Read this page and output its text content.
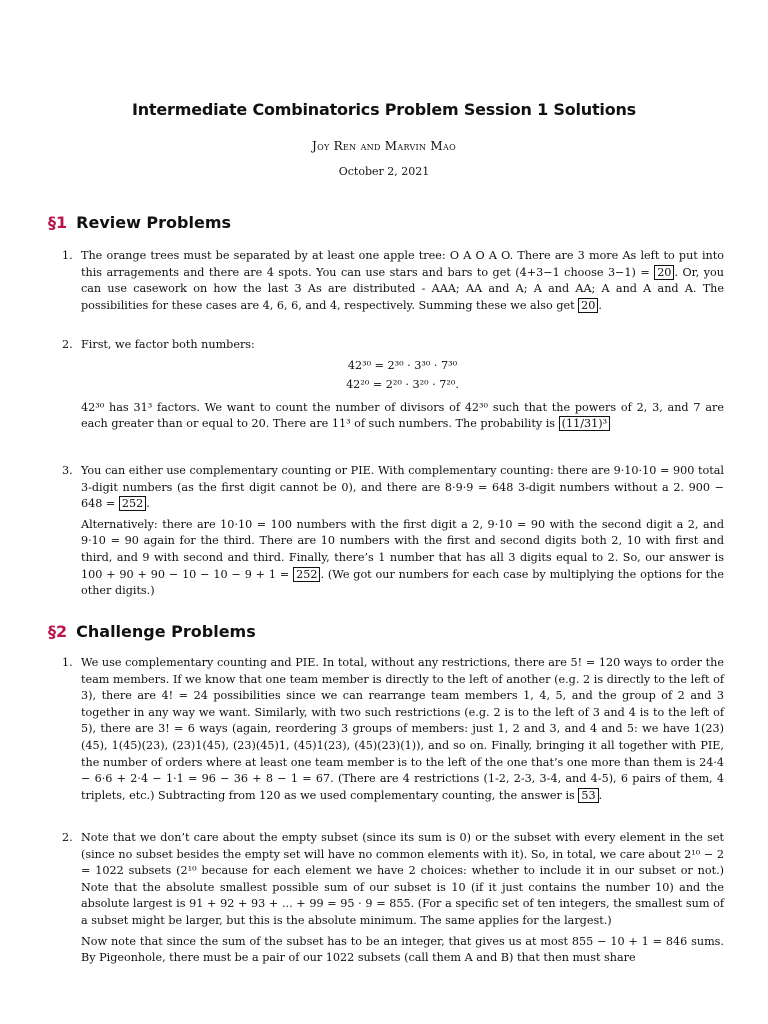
Intermediate Combinatorics Problem Session 1 Solutions
Joy Ren and Marvin Mao
October 2, 2021
§1 Review Problems
1. The orange trees must be separated by at least one apple tree: O A O A O. There are 3 more As left to put into this arragements and there are 4 spots. You can use stars and bars to get (4+3−1 choose 3−1) = 20 . Or, you can use casework on how the last 3 As are distributed - AAA; AA and A; A and AA; A and A and A. The possibilities for these cases are 4, 6, 6, and 4, respectively. Summing these we also get 20 .

2. First, we factor both numbers:

42³⁰ = 2³⁰ · 3³⁰ · 7³⁰

42²⁰ = 2²⁰ · 3²⁰ · 7²⁰.

42³⁰ has 31³ factors. We want to count the number of divisors of 42³⁰ such that the powers of 2, 3, and 7 are each greater than or equal to 20. There are 11³ of such numbers. The probability is (11/31)³

3. You can either use complementary counting or PIE. With complementary counting: there are 9·10·10 = 900 total 3-digit numbers (as the first digit cannot be 0), and there are 8·9·9 = 648 3-digit numbers without a 2. 900 − 648 = 252 .

Alternatively: there are 10·10 = 100 numbers with the first digit a 2, 9·10 = 90 with the second digit a 2, and 9·10 = 90 again for the third. There are 10 numbers with the first and second digits both 2, 10 with first and third, and 9 with second and third. Finally, there’s 1 number that has all 3 digits equal to 2. So, our answer is 100 + 90 + 90 − 10 − 10 − 9 + 1 = 252 . (We got our numbers for each case by multiplying the options for the other digits.)

§2 Challenge Problems
1. We use complementary counting and PIE. In total, without any restrictions, there are 5! = 120 ways to order the team members. If we know that one team member is directly to the left of another (e.g. 2 is directly to the left of 3), there are 4! = 24 possibilities since we can rearrange team members 1, 4, 5, and the group of 2 and 3 together in any way we want. Similarly, with two such restrictions (e.g. 2 is to the left of 3 and 4 is to the left of 5), there are 3! = 6 ways (again, reordering 3 groups of members: just 1, 2 and 3, and 4 and 5: we have 1(23)(45), 1(45)(23), (23)1(45), (23)(45)1, (45)1(23), (45)(23)(1)), and so on. Finally, bringing it all together with PIE, the number of orders where at least one team member is to the left of the one that’s one more than them is 24·4 − 6·6 + 2·4 − 1·1 = 96 − 36 + 8 − 1 = 67. (There are 4 restrictions (1-2, 2-3, 3-4, and 4-5), 6 pairs of them, 4 triplets, etc.) Subtracting from 120 as we used complementary counting, the answer is 53 .

2. Note that we don’t care about the empty subset (since its sum is 0) or the subset with every element in the set (since no subset besides the empty set will have no common elements with it). So, in total, we care about 2¹⁰ − 2 = 1022 subsets (2¹⁰ because for each element we have 2 choices: whether to include it in our subset or not.) Note that the absolute smallest possible sum of our subset is 10 (if it just contains the number 10) and the absolute largest is 91 + 92 + 93 + ... + 99 = 95 · 9 = 855. (For a specific set of ten integers, the smallest sum of a subset might be larger, but this is the absolute minimum. The same applies for the largest.)

Now note that since the sum of the subset has to be an integer, that gives us at most 855 − 10 + 1 = 846 sums. By Pigeonhole, there must be a pair of our 1022 subsets (call them A and B) that then must share
